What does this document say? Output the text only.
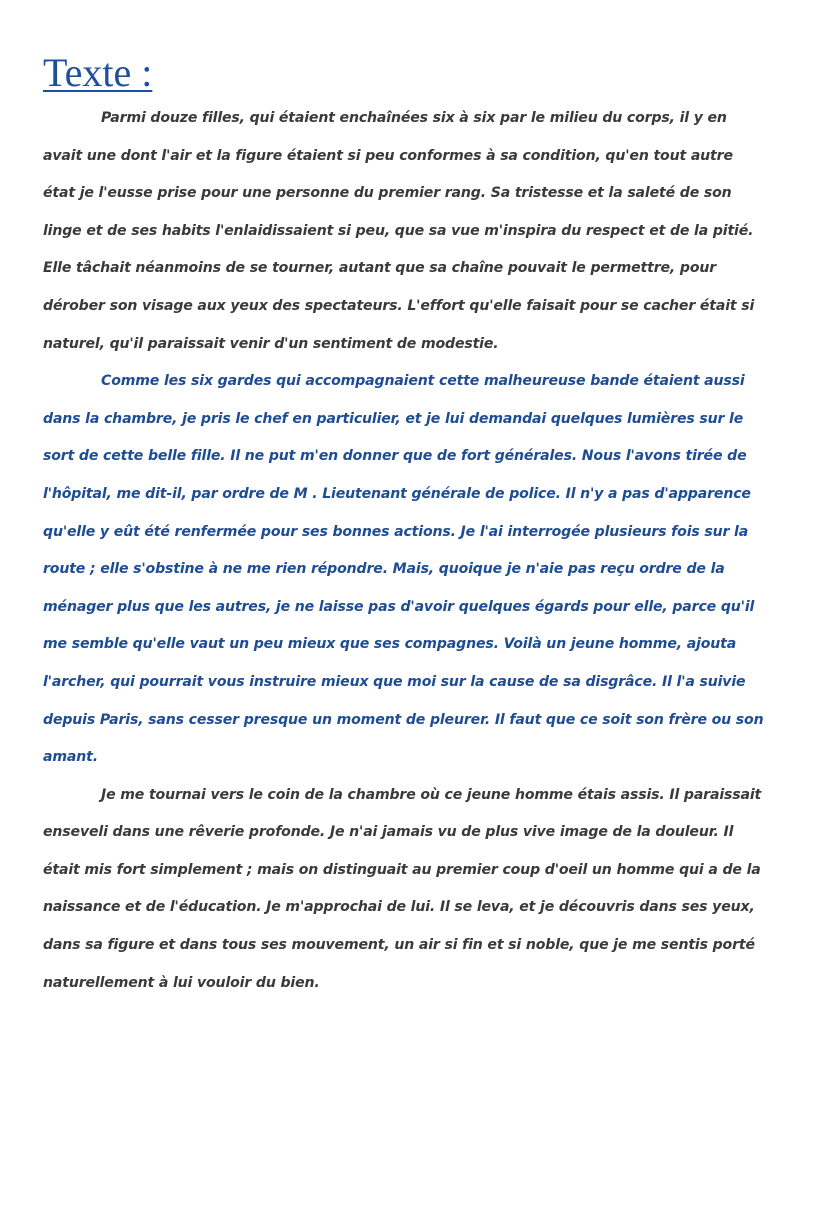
Texte :

Parmi douze filles, qui étaient enchaînées six à six par le milieu du corps, il y en avait une dont l'air et la figure étaient si peu conformes à sa condition, qu'en tout autre état je l'eusse prise pour une personne du premier rang. Sa tristesse et la saleté de son linge et de ses habits l'enlaidissaient si peu, que sa vue m'inspira du respect et de la pitié. Elle tâchait néanmoins de se tourner, autant que sa chaîne pouvait le permettre, pour dérober son visage aux yeux des spectateurs. L'effort qu'elle faisait pour se cacher était si naturel, qu'il paraissait venir d'un sentiment de modestie.

Comme les six gardes qui accompagnaient cette malheureuse bande étaient aussi dans la chambre, je pris le chef en particulier, et je lui demandai quelques lumières sur le sort de cette belle fille. Il ne put m'en donner que de fort générales. Nous l'avons tirée de l'hôpital, me dit-il, par ordre de M . Lieutenant générale de police. Il n'y a pas d'apparence qu'elle y eût été renfermée pour ses bonnes actions. Je l'ai interrogée plusieurs fois sur la route ; elle s'obstine à ne me rien répondre. Mais, quoique je n'aie pas reçu ordre de la ménager plus que les autres, je ne laisse pas d'avoir quelques égards pour elle, parce qu'il me semble qu'elle vaut un peu mieux que ses compagnes. Voilà un jeune homme, ajouta l'archer, qui pourrait vous instruire mieux que moi sur la cause de sa disgrâce. Il l'a suivie depuis Paris, sans cesser presque un moment de pleurer. Il faut que ce soit son frère ou son amant.

Je me tournai vers le coin de la chambre où ce jeune homme étais assis. Il paraissait enseveli dans une rêverie profonde. Je n'ai jamais vu de plus vive image de la douleur. Il était mis fort simplement ; mais on distinguait au premier coup d'oeil un homme qui a de la naissance et de l'éducation. Je m'approchai de lui. Il se leva, et je découvris dans ses yeux, dans sa figure et dans tous ses mouvement, un air si fin et si noble, que je me sentis porté naturellement à lui vouloir du bien.
